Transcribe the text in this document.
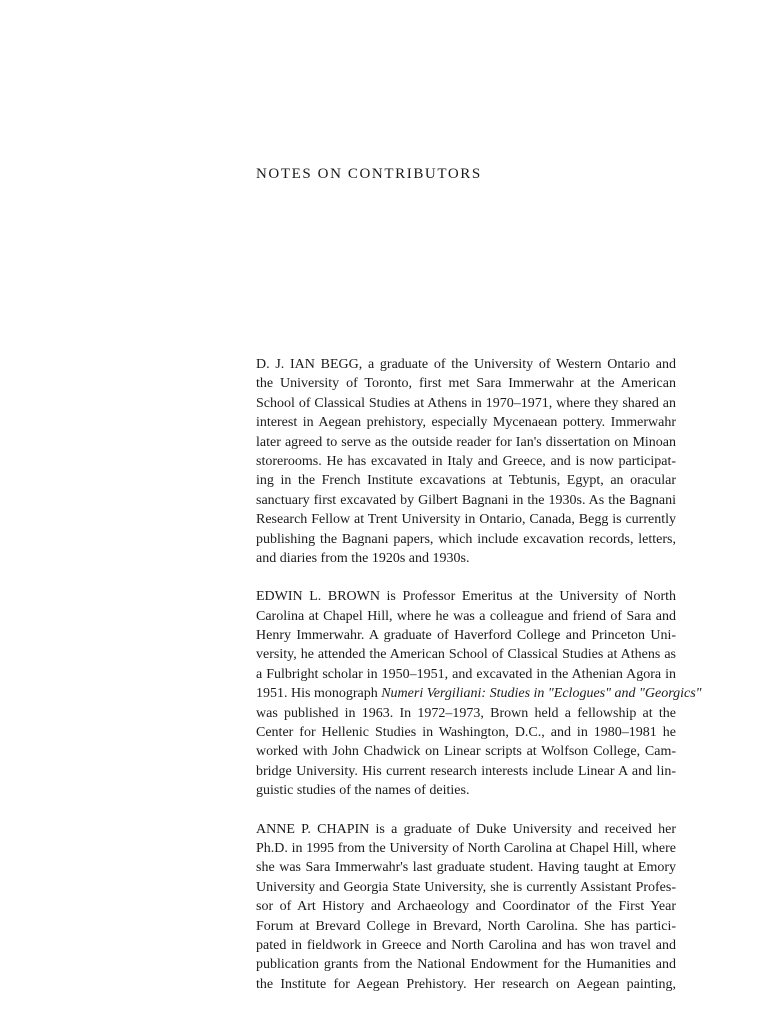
NOTES ON CONTRIBUTORS
D. J. IAN BEGG, a graduate of the University of Western Ontario and
the University of Toronto, first met Sara Immerwahr at the American
School of Classical Studies at Athens in 1970–1971, where they shared an
interest in Aegean prehistory, especially Mycenaean pottery. Immerwahr
later agreed to serve as the outside reader for Ian's dissertation on Minoan
storerooms. He has excavated in Italy and Greece, and is now participat-
ing in the French Institute excavations at Tebtunis, Egypt, an oracular
sanctuary first excavated by Gilbert Bagnani in the 1930s. As the Bagnani
Research Fellow at Trent University in Ontario, Canada, Begg is currently
publishing the Bagnani papers, which include excavation records, letters,
and diaries from the 1920s and 1930s.
EDWIN L. BROWN is Professor Emeritus at the University of North
Carolina at Chapel Hill, where he was a colleague and friend of Sara and
Henry Immerwahr. A graduate of Haverford College and Princeton Uni-
versity, he attended the American School of Classical Studies at Athens as
a Fulbright scholar in 1950–1951, and excavated in the Athenian Agora in
1951. His monograph Numeri Vergiliani: Studies in "Eclogues" and "Georgics"
was published in 1963. In 1972–1973, Brown held a fellowship at the
Center for Hellenic Studies in Washington, D.C., and in 1980–1981 he
worked with John Chadwick on Linear scripts at Wolfson College, Cam-
bridge University. His current research interests include Linear A and lin-
guistic studies of the names of deities.
ANNE P. CHAPIN is a graduate of Duke University and received her
Ph.D. in 1995 from the University of North Carolina at Chapel Hill, where
she was Sara Immerwahr's last graduate student. Having taught at Emory
University and Georgia State University, she is currently Assistant Profes-
sor of Art History and Archaeology and Coordinator of the First Year
Forum at Brevard College in Brevard, North Carolina. She has partici-
pated in fieldwork in Greece and North Carolina and has won travel and
publication grants from the National Endowment for the Humanities and
the Institute for Aegean Prehistory. Her research on Aegean painting,
